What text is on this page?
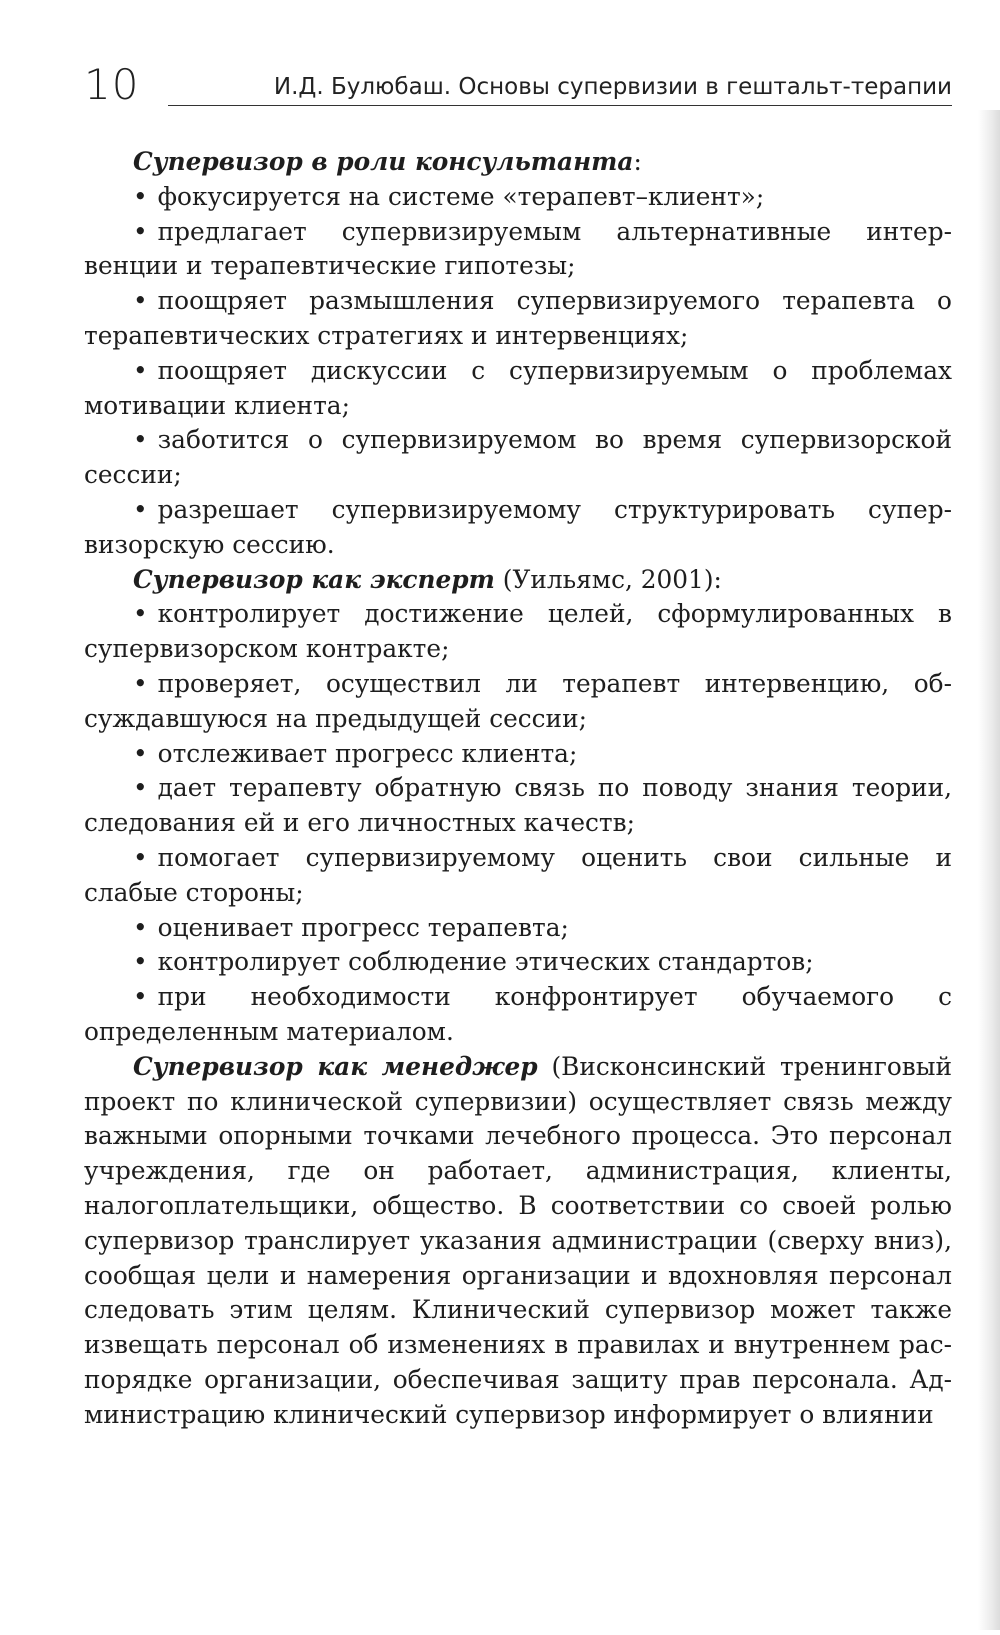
10	И.Д. Булюбаш. Основы супервизии в гештальт-терапии

Супервизор в роли консультанта:

• фокусируется на системе «терапевт–клиент»;
• предлагает супервизируемым альтернативные интервенции и терапевтические гипотезы;
• поощряет размышления супервизируемого терапевта о терапевтических стратегиях и интервенциях;
• поощряет дискуссии с супервизируемым о проблемах мотивации клиента;
• заботится о супервизируемом во время супервизорской сессии;
• разрешает супервизируемому структурировать супервизорскую сессию.

Супервизор как эксперт (Уильямс, 2001):

• контролирует достижение целей, сформулированных в супервизорском контракте;
• проверяет, осуществил ли терапевт интервенцию, обсуждавшуюся на предыдущей сессии;
• отслеживает прогресс клиента;
• дает терапевту обратную связь по поводу знания теории, следования ей и его личностных качеств;
• помогает супервизируемому оценить свои сильные и слабые стороны;
• оценивает прогресс терапевта;
• контролирует соблюдение этических стандартов;
• при необходимости конфронтирует обучаемого с определенным материалом.

Супервизор как менеджер (Висконсинский тренинговый проект по клинической супервизии) осуществляет связь между важными опорными точками лечебного процесса. Это персонал учреждения, где он работает, администрация, клиенты, налогоплательщики, общество. В соответствии со своей ролью супервизор транслирует указания администрации (сверху вниз), сообщая цели и намерения организации и вдохновляя персонал следовать этим целям. Клинический супервизор может также извещать персонал об изменениях в правилах и внутреннем распорядке организации, обеспечивая защиту прав персонала. Администрацию клинический супервизор информирует о влиянии
